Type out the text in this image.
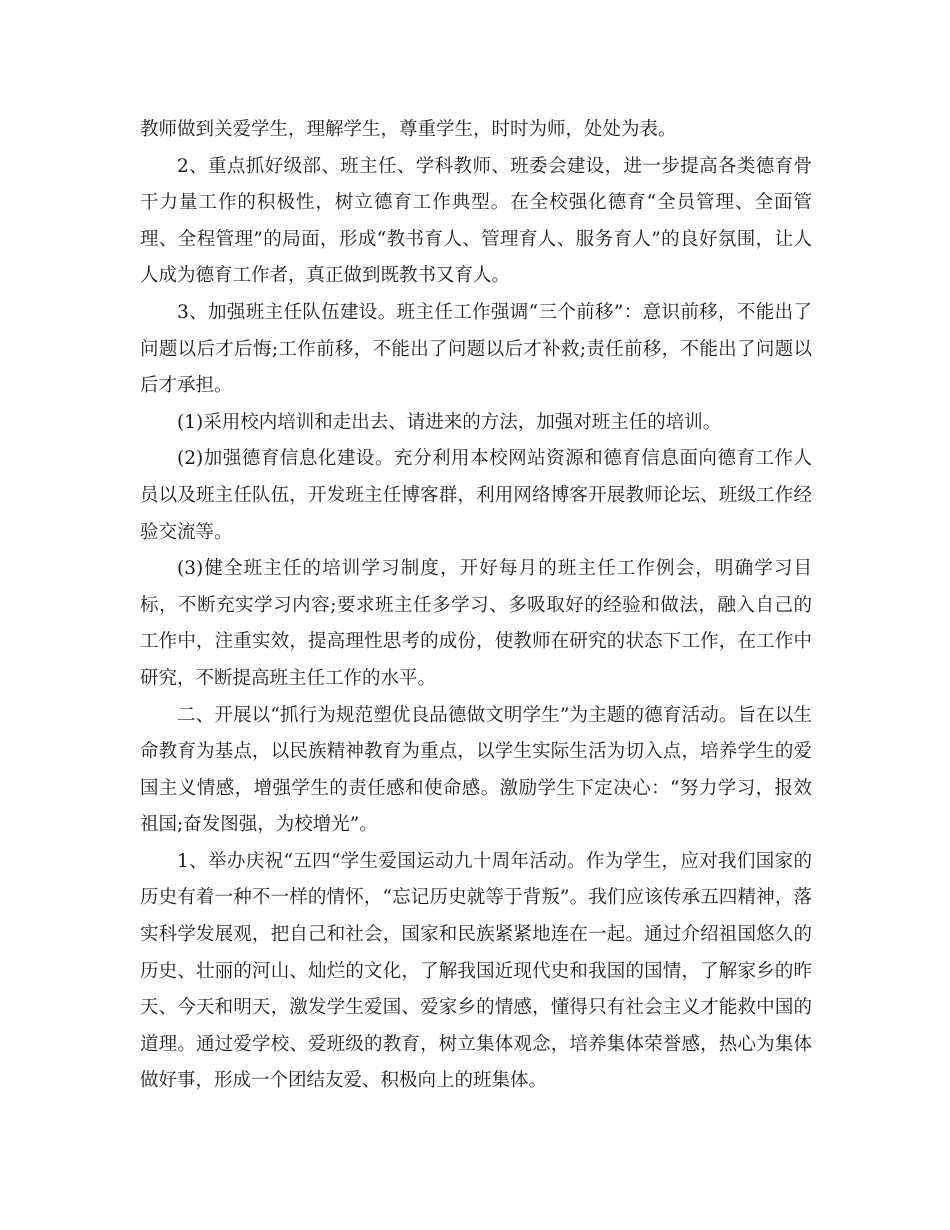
教师做到关爱学生，理解学生，尊重学生，时时为师，处处为表。

2、重点抓好级部、班主任、学科教师、班委会建设，进一步提高各类德育骨干力量工作的积极性，树立德育工作典型。在全校强化德育“全员管理、全面管理、全程管理”的局面，形成“教书育人、管理育人、服务育人”的良好氛围，让人人成为德育工作者，真正做到既教书又育人。

3、加强班主任队伍建设。班主任工作强调“三个前移”：意识前移，不能出了问题以后才后悔;工作前移，不能出了问题以后才补救;责任前移，不能出了问题以后才承担。

(1)采用校内培训和走出去、请进来的方法，加强对班主任的培训。

(2)加强德育信息化建设。充分利用本校网站资源和德育信息面向德育工作人员以及班主任队伍，开发班主任博客群，利用网络博客开展教师论坛、班级工作经验交流等。

(3)健全班主任的培训学习制度，开好每月的班主任工作例会，明确学习目标，不断充实学习内容;要求班主任多学习、多吸取好的经验和做法，融入自己的工作中，注重实效，提高理性思考的成份，使教师在研究的状态下工作，在工作中研究，不断提高班主任工作的水平。

二、开展以“抓行为规范塑优良品德做文明学生”为主题的德育活动。旨在以生命教育为基点，以民族精神教育为重点，以学生实际生活为切入点，培养学生的爱国主义情感，增强学生的责任感和使命感。激励学生下定决心：“努力学习，报效祖国;奋发图强，为校增光”。

1、举办庆祝“五四“学生爱国运动九十周年活动。作为学生，应对我们国家的历史有着一种不一样的情怀，“忘记历史就等于背叛”。我们应该传承五四精神，落实科学发展观，把自己和社会，国家和民族紧紧地连在一起。通过介绍祖国悠久的历史、壮丽的河山、灿烂的文化，了解我国近现代史和我国的国情，了解家乡的昨天、今天和明天，激发学生爱国、爱家乡的情感，懂得只有社会主义才能救中国的道理。通过爱学校、爱班级的教育，树立集体观念，培养集体荣誉感，热心为集体做好事，形成一个团结友爱、积极向上的班集体。
